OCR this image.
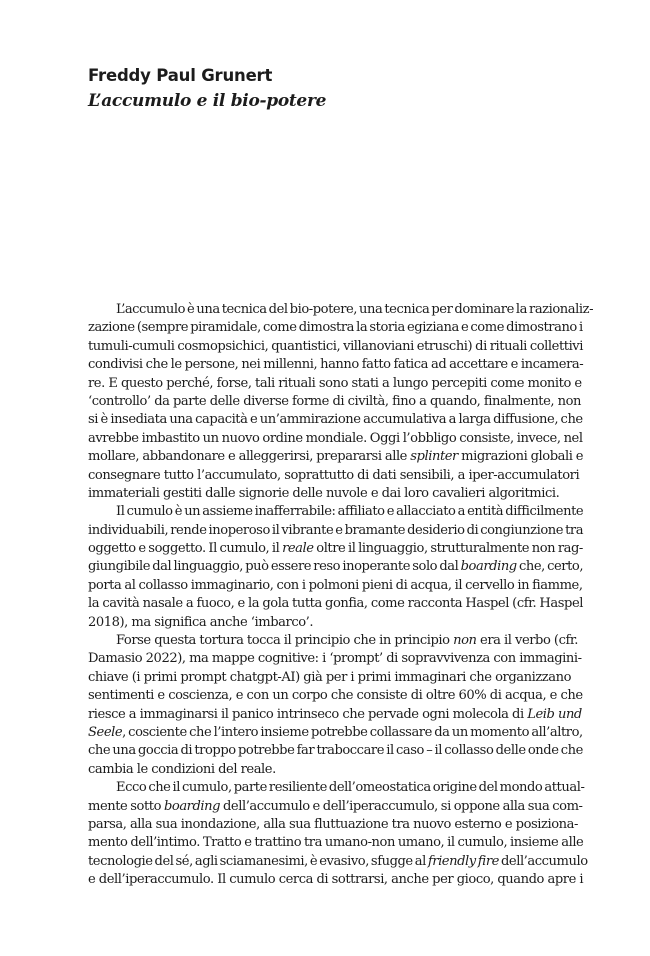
Freddy Paul Grunert
L’accumulo e il bio-potere

L’accumulo è una tecnica del bio-potere, una tecnica per dominare la razionaliz-
zazione (sempre piramidale, come dimostra la storia egiziana e come dimostrano i
tumuli-cumuli cosmopsichici, quantistici, villanoviani etruschi) di rituali collettivi
condivisi che le persone, nei millenni, hanno fatto fatica ad accettare e incamera-
re. E questo perché, forse, tali rituali sono stati a lungo percepiti come monito e
‘controllo’ da parte delle diverse forme di civiltà, fino a quando, finalmente, non
si è insediata una capacità e un’ammirazione accumulativa a larga diffusione, che
avrebbe imbastito un nuovo ordine mondiale. Oggi l’obbligo consiste, invece, nel
mollare, abbandonare e alleggerirsi, prepararsi alle splinter migrazioni globali e
consegnare tutto l’accumulato, soprattutto di dati sensibili, a iper-accumulatori
immateriali gestiti dalle signorie delle nuvole e dai loro cavalieri algoritmici.

Il cumulo è un assieme inafferrabile: affiliato e allacciato a entità difficilmente
individuabili, rende inoperoso il vibrante e bramante desiderio di congiunzione tra
oggetto e soggetto. Il cumulo, il reale oltre il linguaggio, strutturalmente non rag-
giungibile dal linguaggio, può essere reso inoperante solo dal boarding che, certo,
porta al collasso immaginario, con i polmoni pieni di acqua, il cervello in fiamme,
la cavità nasale a fuoco, e la gola tutta gonfia, come racconta Haspel (cfr. Haspel
2018), ma significa anche ‘imbarco’.

Forse questa tortura tocca il principio che in principio non era il verbo (cfr.
Damasio 2022), ma mappe cognitive: i ‘prompt’ di sopravvivenza con immagini-
chiave (i primi prompt chatgpt-AI) già per i primi immaginari che organizzano
sentimenti e coscienza, e con un corpo che consiste di oltre 60% di acqua, e che
riesce a immaginarsi il panico intrinseco che pervade ogni molecola di Leib und
Seele, cosciente che l’intero insieme potrebbe collassare da un momento all’altro,
che una goccia di troppo potrebbe far traboccare il caso – il collasso delle onde che
cambia le condizioni del reale.

Ecco che il cumulo, parte resiliente dell’omeostatica origine del mondo attual-
mente sotto boarding dell’accumulo e dell’iperaccumulo, si oppone alla sua com-
parsa, alla sua inondazione, alla sua fluttuazione tra nuovo esterno e posiziona-
mento dell’intimo. Tratto e trattino tra umano-non umano, il cumulo, insieme alle
tecnologie del sé, agli sciamanesimi, è evasivo, sfugge al friendly fire dell’accumulo
e dell’iperaccumulo. Il cumulo cerca di sottrarsi, anche per gioco, quando apre i
